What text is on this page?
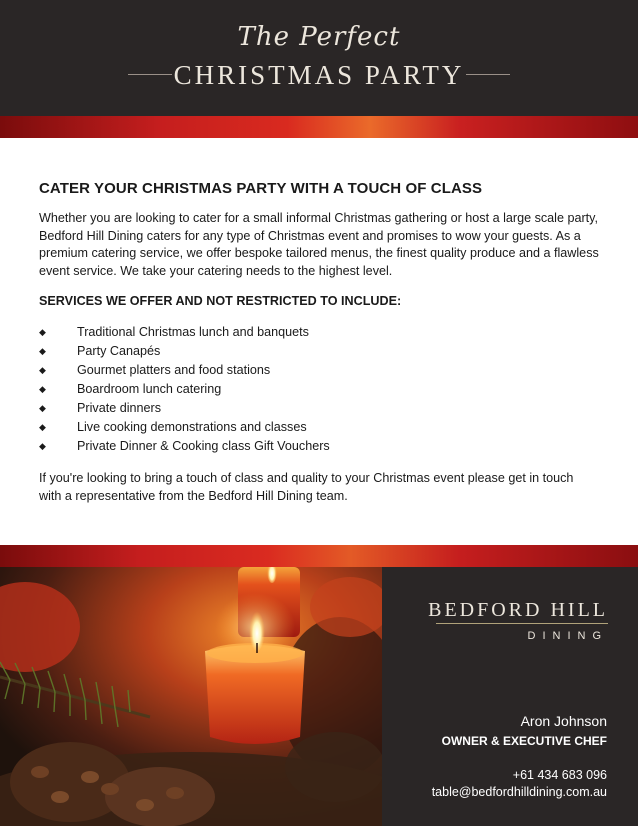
The Perfect
CHRISTMAS PARTY
CATER YOUR CHRISTMAS PARTY WITH A TOUCH OF CLASS

Whether you are looking to cater for a small informal Christmas gathering or host a large scale party, Bedford Hill Dining caters for any type of Christmas event and promises to wow your guests. As a premium catering service, we offer bespoke tailored menus, the finest quality produce and a flawless event service. We take your catering needs to the highest level.

SERVICES WE OFFER AND NOT RESTRICTED TO INCLUDE:

◆ Traditional Christmas lunch and banquets
◆ Party Canapés
◆ Gourmet platters and food stations
◆ Boardroom lunch catering
◆ Private dinners
◆ Live cooking demonstrations and classes
◆ Private Dinner & Cooking class Gift Vouchers

If you're looking to bring a touch of class and quality to your Christmas event please get in touch with a representative from the Bedford Hill Dining team.

BEDFORD HILL
DINING
Aron Johnson
OWNER & EXECUTIVE CHEF
+61 434 683 096
table@bedfordhilldining.com.au
